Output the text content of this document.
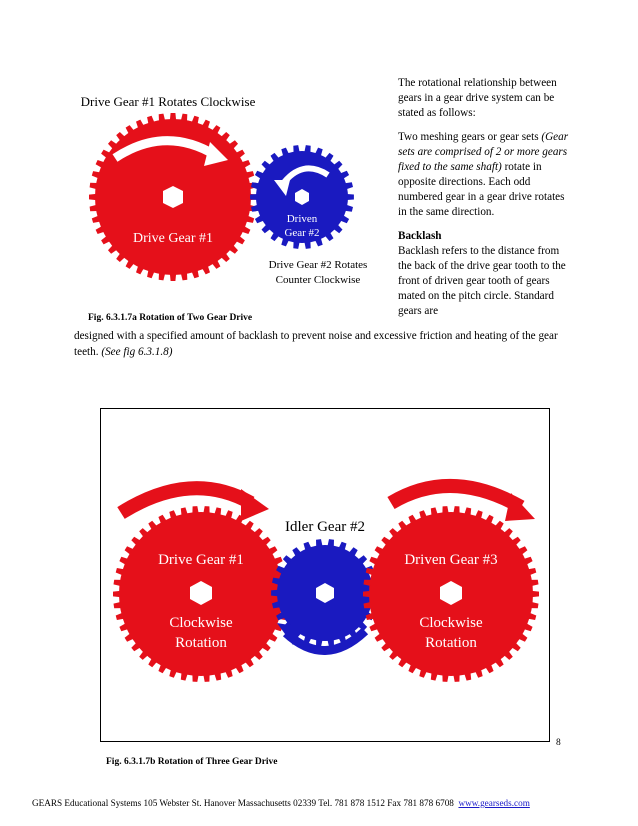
Drive Gear #1 Rotates Clockwise
Drive Gear #1
Driven
Gear #2
Drive Gear #2 Rotates
Counter Clockwise
Fig. 6.3.1.7a Rotation of Two Gear Drive

The rotational relationship between gears in a gear drive system can be stated as follows:

Two meshing gears or gear sets (Gear sets are comprised of 2 or more gears fixed to the same shaft) rotate in opposite directions. Each odd numbered gear in a gear drive rotates in the same direction.

Backlash

Backlash refers to the distance from the back of the drive gear tooth to the front of driven gear tooth of gears mated on the pitch circle. Standard gears are

designed with a specified amount of backlash to prevent noise and excessive friction and heating of the gear teeth. (See fig 6.3.1.8)
Drive Gear #1
Clockwise
Rotation
Idler Gear #2
Driven Gear #3
Clockwise
Rotation
8
Fig. 6.3.1.7b Rotation of Three Gear Drive
GEARS Educational Systems 105 Webster St. Hanover Massachusetts 02339 Tel. 781 878 1512 Fax 781 878 6708 www.gearseds.com
